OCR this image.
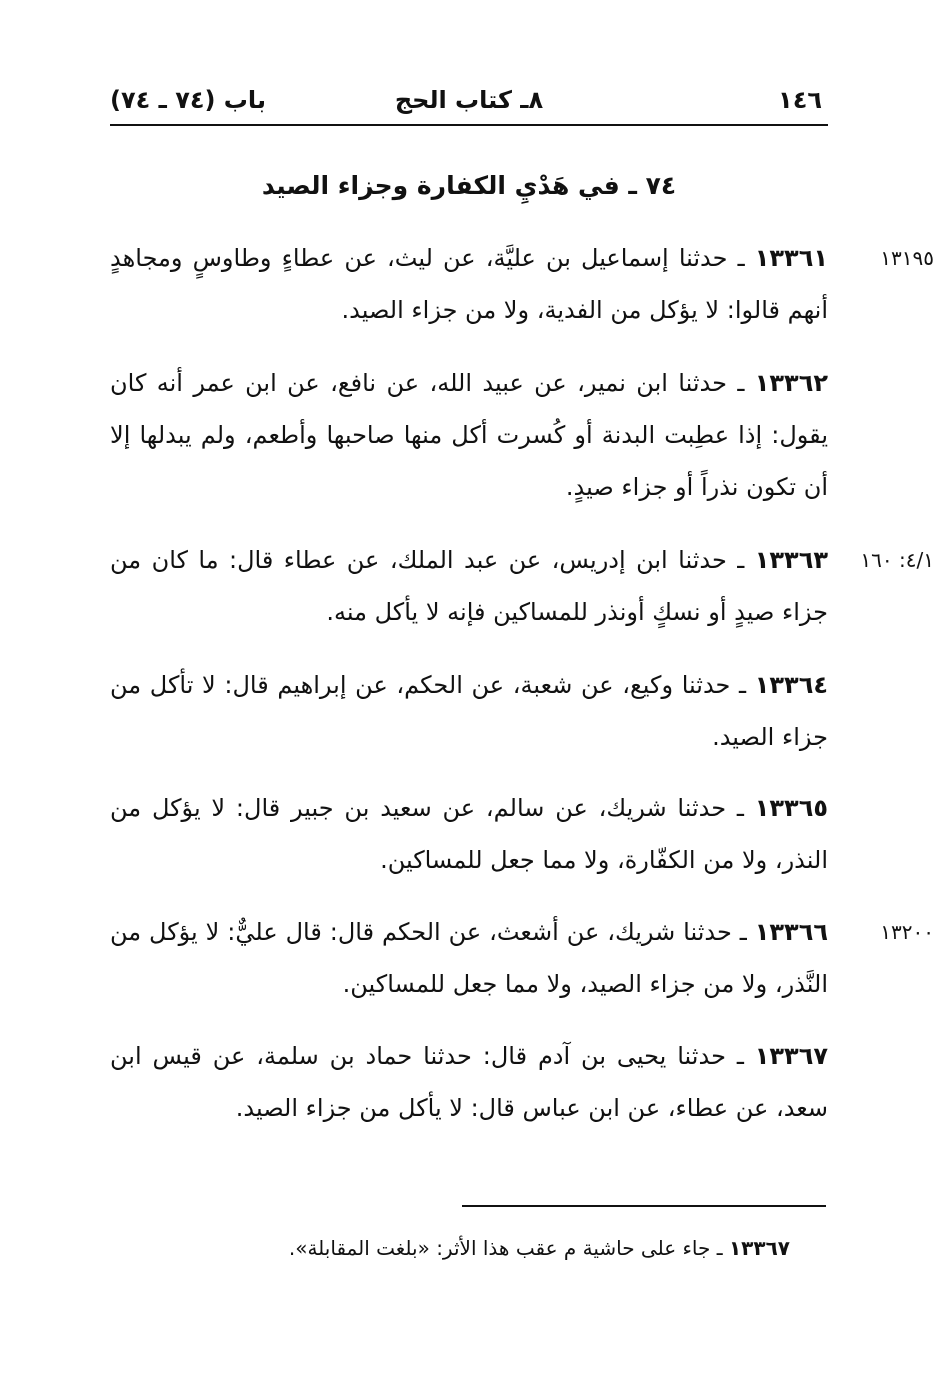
١٤٦
٨ـ كتاب الحج
باب (٧٤ ـ ٧٤)
٧٤ ـ في هَدْيِ الكفارة وجزاء الصيد
١٣١٩٥
١٣٣٦١ ـ حدثنا إسماعيل بن عليَّة، عن ليث، عن عطاءٍ وطاوسٍ ومجاهدٍ أنهم قالوا: لا يؤكل من الفدية، ولا من جزاء الصيد.
١٣٣٦٢ ـ حدثنا ابن نمير، عن عبيد الله، عن نافع، عن ابن عمر أنه كان يقول: إذا عطِبت البدنة أو كُسرت أكل منها صاحبها وأطعم، ولم يبدلها إلا أن تكون نذراً أو جزاء صيدٍ.
٤/١: ١٦٠
١٣٣٦٣ ـ حدثنا ابن إدريس، عن عبد الملك، عن عطاء قال: ما كان من جزاء صيدٍ أو نسكٍ أونذر للمساكين فإنه لا يأكل منه.
١٣٣٦٤ ـ حدثنا وكيع، عن شعبة، عن الحكم، عن إبراهيم قال: لا تأكل من جزاء الصيد.
١٣٣٦٥ ـ حدثنا شريك، عن سالم، عن سعيد بن جبير قال: لا يؤكل من النذر، ولا من الكفّارة، ولا مما جعل للمساكين.
١٣٢٠٠
١٣٣٦٦ ـ حدثنا شريك، عن أشعث، عن الحكم قال: قال عليٌّ: لا يؤكل من النَّذر، ولا من جزاء الصيد، ولا مما جعل للمساكين.
١٣٣٦٧ ـ حدثنا يحيى بن آدم قال: حدثنا حماد بن سلمة، عن قيس ابن سعد، عن عطاء، عن ابن عباس قال: لا يأكل من جزاء الصيد.
١٣٣٦٧ ـ جاء على حاشية م عقب هذا الأثر: «بلغت المقابلة».
